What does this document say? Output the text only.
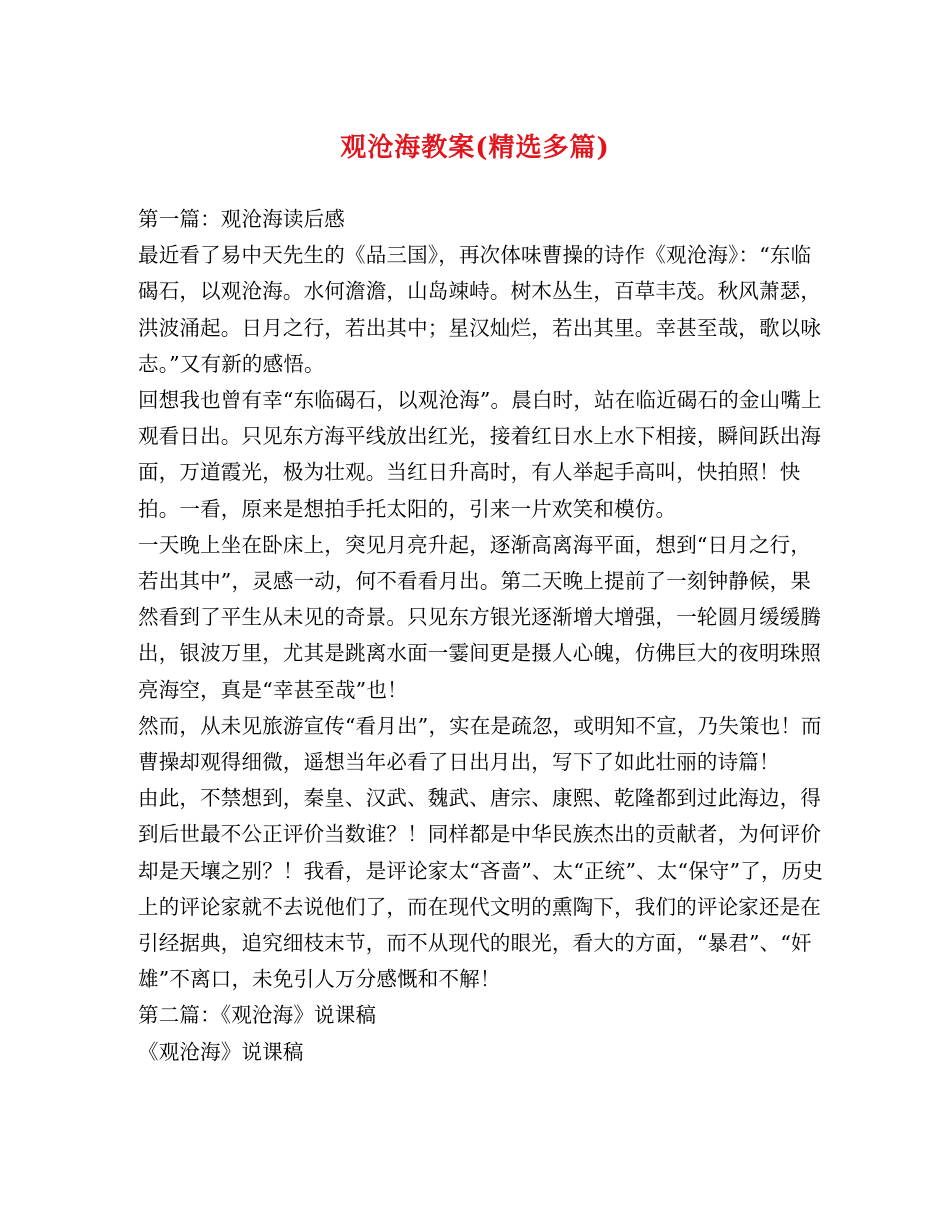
观沧海教案(精选多篇)

第一篇：观沧海读后感

最近看了易中天先生的《品三国》，再次体味曹操的诗作《观沧海》：“东临碣石，以观沧海。水何澹澹，山岛竦峙。树木丛生，百草丰茂。秋风萧瑟，洪波涌起。日月之行，若出其中；星汉灿烂，若出其里。幸甚至哉，歌以咏志。”又有新的感悟。

回想我也曾有幸“东临碣石，以观沧海”。晨白时，站在临近碣石的金山嘴上观看日出。只见东方海平线放出红光，接着红日水上水下相接，瞬间跃出海面，万道霞光，极为壮观。当红日升高时，有人举起手高叫，快拍照！快拍。一看，原来是想拍手托太阳的，引来一片欢笑和模仿。

一天晚上坐在卧床上，突见月亮升起，逐渐高离海平面，想到“日月之行，若出其中”，灵感一动，何不看看月出。第二天晚上提前了一刻钟静候，果然看到了平生从未见的奇景。只见东方银光逐渐增大增强，一轮圆月缓缓腾出，银波万里，尤其是跳离水面一霎间更是摄人心魄，仿佛巨大的夜明珠照亮海空，真是“幸甚至哉”也！

然而，从未见旅游宣传“看月出”，实在是疏忽，或明知不宣，乃失策也！而曹操却观得细微，遥想当年必看了日出月出，写下了如此壮丽的诗篇！

由此，不禁想到，秦皇、汉武、魏武、唐宗、康熙、乾隆都到过此海边，得到后世最不公正评价当数谁？！同样都是中华民族杰出的贡献者，为何评价却是天壤之别？！我看，是评论家太“吝啬”、太“正统”、太“保守”了，历史上的评论家就不去说他们了，而在现代文明的熏陶下，我们的评论家还是在引经据典，追究细枝末节，而不从现代的眼光，看大的方面，“暴君”、“奸雄”不离口，未免引人万分感慨和不解！

第二篇：《观沧海》说课稿

《观沧海》说课稿
